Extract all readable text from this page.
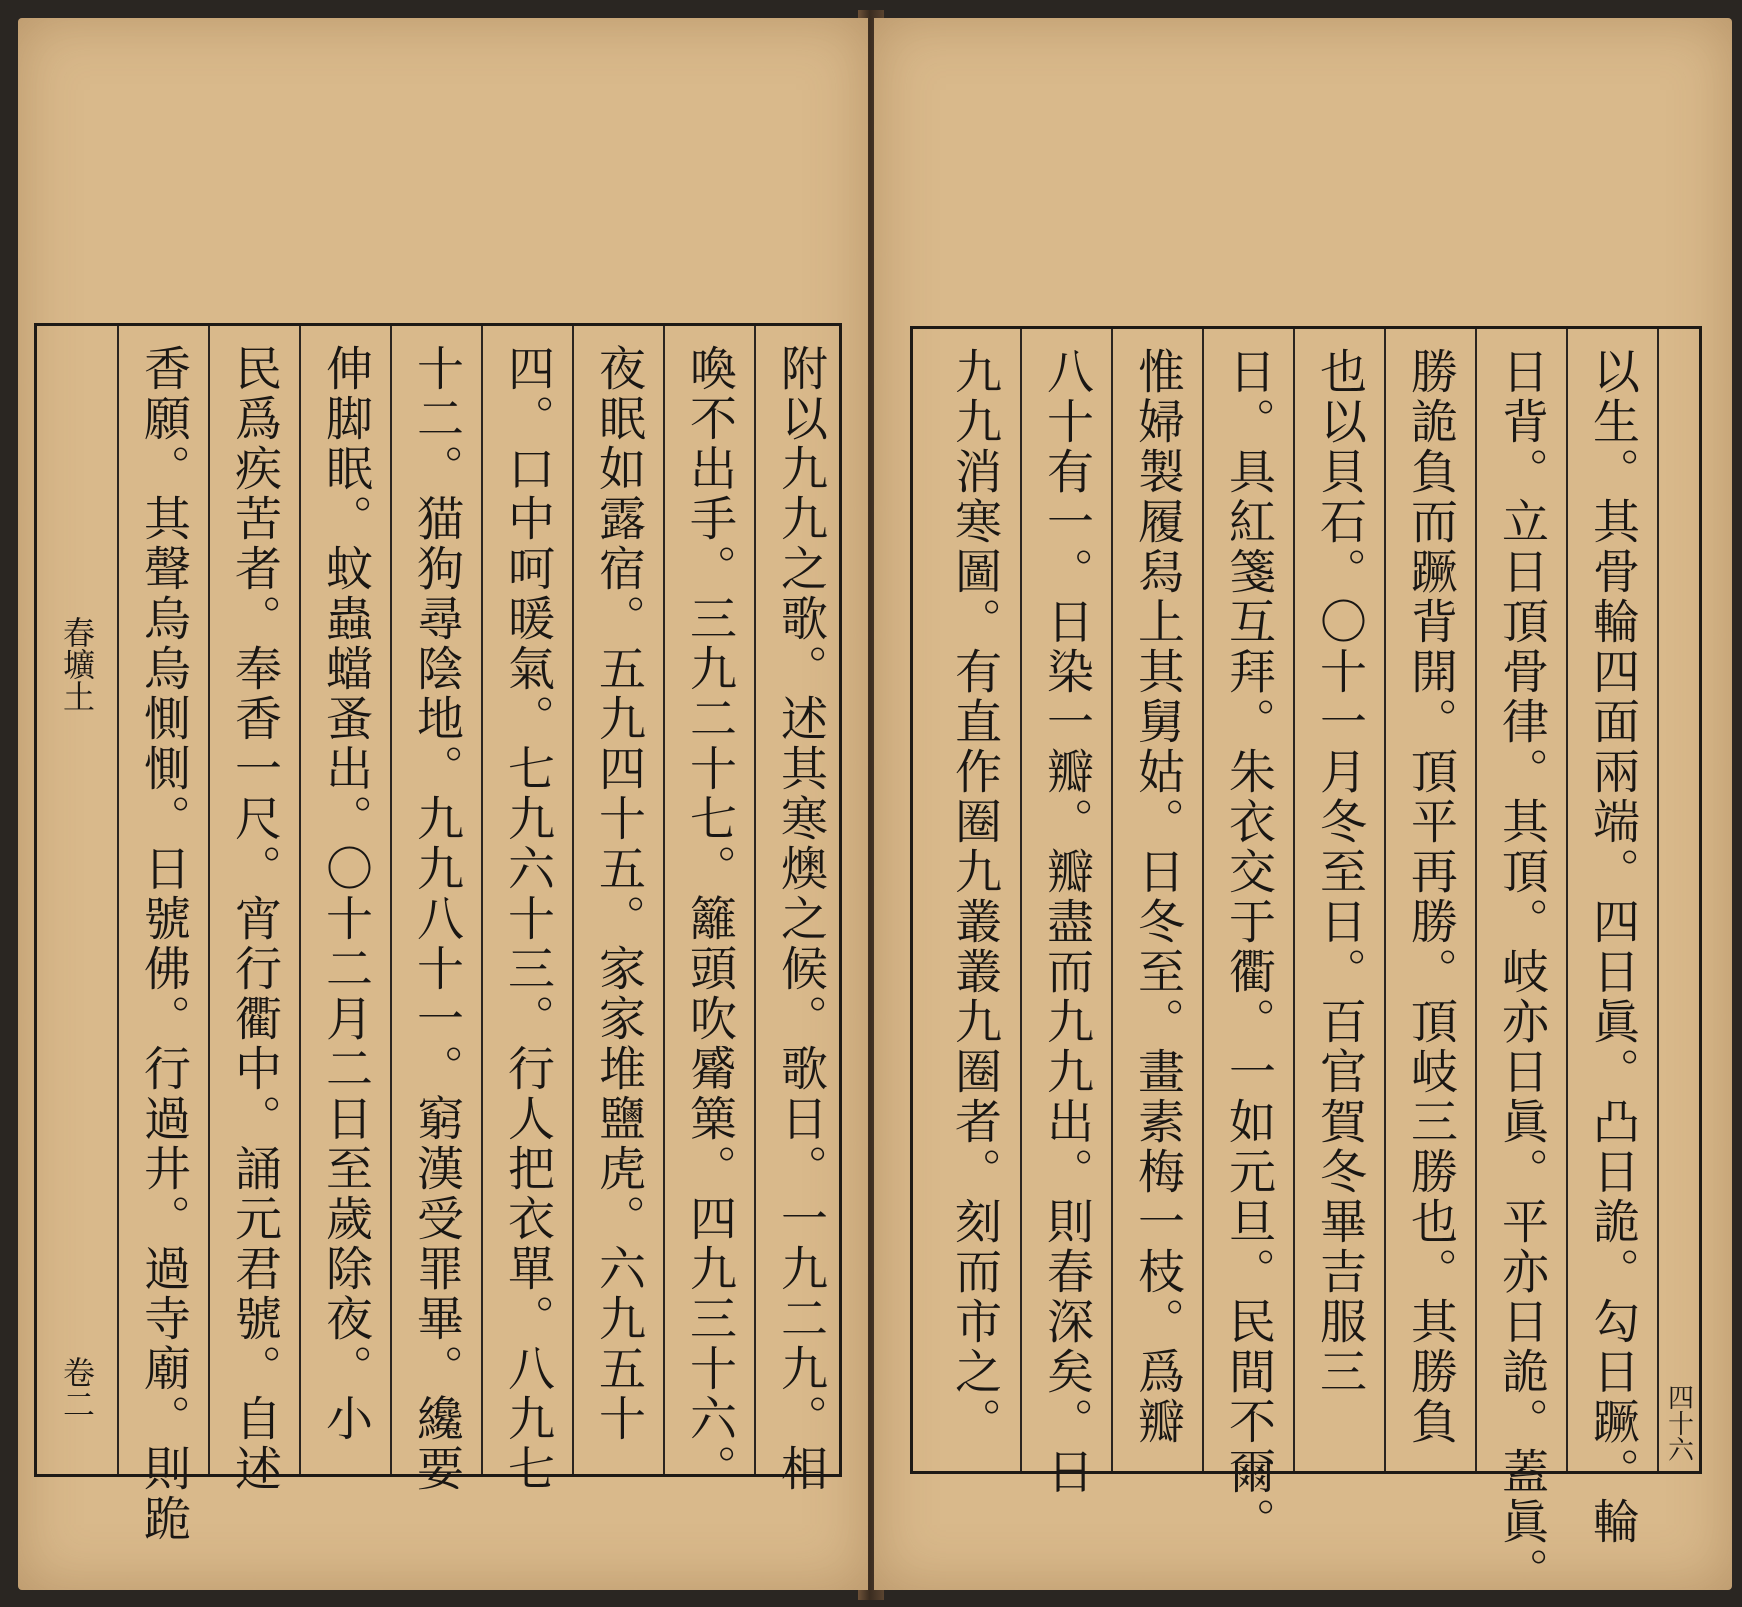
附以九九之歌。述其寒燠之候。歌日。一九二九。相
喚不出手。三九二十七。籬頭吹觱篥。四九三十六。
夜眠如露宿。五九四十五。家家堆鹽虎。六九五十
四。口中呵暖氣。七九六十三。行人把衣單。八九七
十二。猫狗尋陰地。九九八十一。窮漢受罪畢。纔要
伸脚眠。蚊蟲蟷蚤出。〇十二月二日至歲除夜。小
民爲疾苦者。奉香一尺。宵行衢中。誦元君號。自述
香願。其聲烏烏惻惻。日號佛。行過井。過寺廟。則跪
春壙土
卷二	四十六
以生。其骨輪四面兩端。四日眞。凸日詭。勾日蹶。輪
日背。立日頂骨律。其頂。岐亦日眞。平亦日詭。蓋眞。
勝詭負而蹶背開。頂平再勝。頂岐三勝也。其勝負
也以貝石。〇十一月冬至日。百官賀冬畢吉服三
日。具紅箋互拜。朱衣交于衢。一如元旦。民間不爾。
惟婦製履舄上其舅姑。日冬至。畫素梅一枝。爲瓣
八十有一。日染一瓣。瓣盡而九九出。則春深矣。日
九九消寒圖。有直作圈九叢叢九圈者。刻而市之。
